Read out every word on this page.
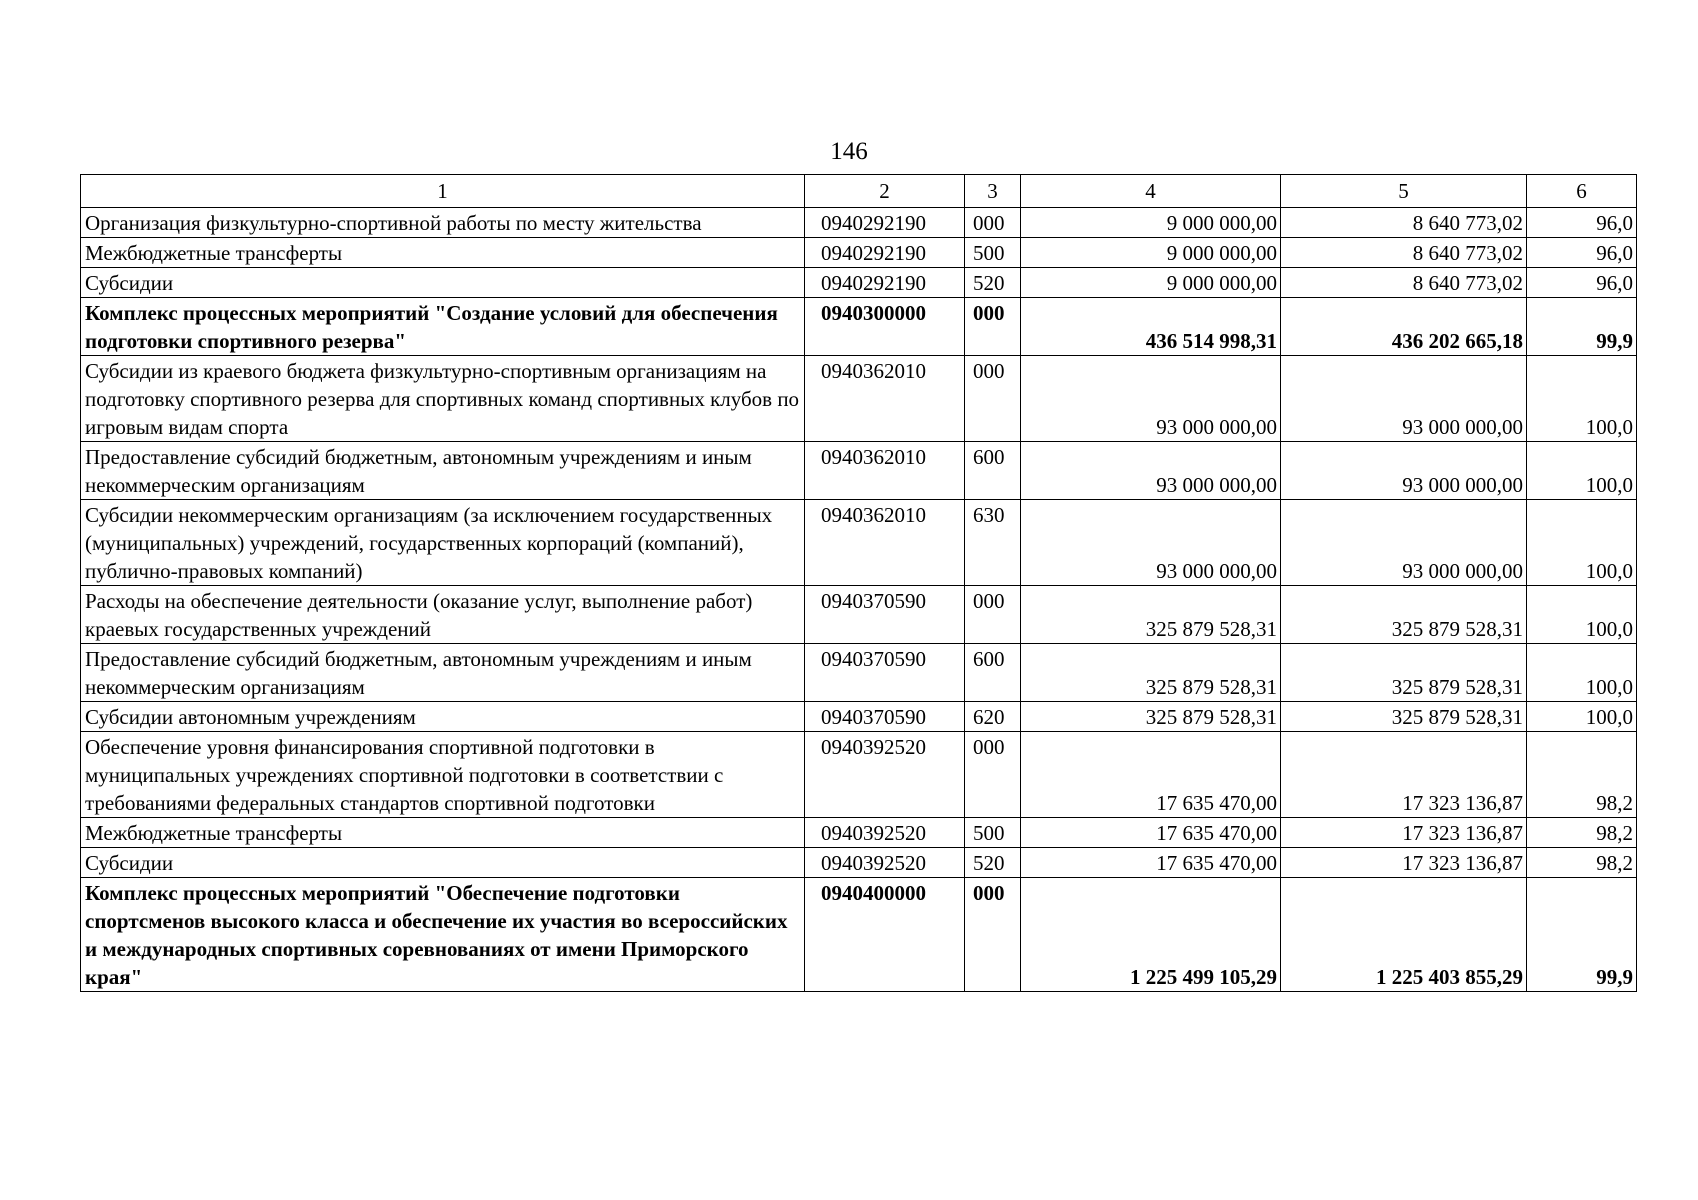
146
1	2	3	4	5	6
Организация физкультурно-спортивной работы по месту жительства	0940292190	000	9 000 000,00	8 640 773,02	96,0
Межбюджетные трансферты	0940292190	500	9 000 000,00	8 640 773,02	96,0
Субсидии	0940292190	520	9 000 000,00	8 640 773,02	96,0
Комплекс процессных мероприятий "Создание условий для обеспечения подготовки спортивного резерва"	0940300000	000	436 514 998,31	436 202 665,18	99,9
Субсидии из краевого бюджета физкультурно-спортивным организациям на подготовку спортивного резерва для спортивных команд спортивных клубов по игровым видам спорта	0940362010	000	93 000 000,00	93 000 000,00	100,0
Предоставление субсидий бюджетным, автономным учреждениям и иным некоммерческим организациям	0940362010	600	93 000 000,00	93 000 000,00	100,0
Субсидии некоммерческим организациям (за исключением государственных (муниципальных) учреждений, государственных корпораций (компаний), публично-правовых компаний)	0940362010	630	93 000 000,00	93 000 000,00	100,0
Расходы на обеспечение деятельности (оказание услуг, выполнение работ) краевых государственных учреждений	0940370590	000	325 879 528,31	325 879 528,31	100,0
Предоставление субсидий бюджетным, автономным учреждениям и иным некоммерческим организациям	0940370590	600	325 879 528,31	325 879 528,31	100,0
Субсидии автономным учреждениям	0940370590	620	325 879 528,31	325 879 528,31	100,0
Обеспечение уровня финансирования спортивной подготовки в муниципальных учреждениях спортивной подготовки в соответствии с требованиями федеральных стандартов спортивной подготовки	0940392520	000	17 635 470,00	17 323 136,87	98,2
Межбюджетные трансферты	0940392520	500	17 635 470,00	17 323 136,87	98,2
Субсидии	0940392520	520	17 635 470,00	17 323 136,87	98,2
Комплекс процессных мероприятий "Обеспечение подготовки спортсменов высокого класса и обеспечение их участия во всероссийских и международных спортивных соревнованиях от имени Приморского края"	0940400000	000	1 225 499 105,29	1 225 403 855,29	99,9
